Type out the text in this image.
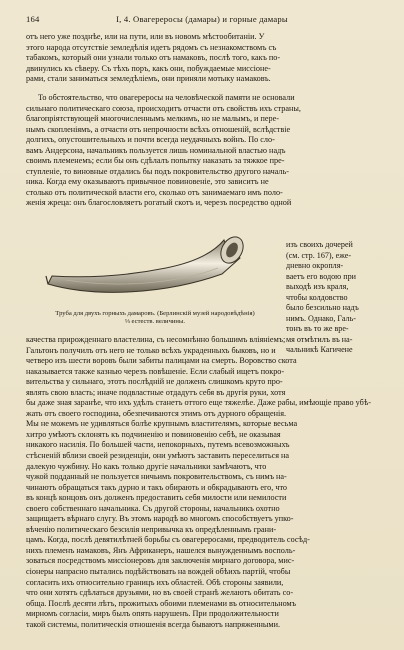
164	I, 4. Овагереросы (дамары) и горные дамары
отъ него уже позднѣе, или на пути, или въ новомъ мѣстообитаніи. У
этого народа отсутствіе земледѣлія идетъ рядомъ съ незнакомствомъ съ
табакомъ, который они узнали только отъ намаковъ, послѣ того, какъ по-
двинулись къ сѣверу. Съ тѣхъ поръ, какъ они, побуждаемые миссіоне-
рами, стали заниматься земледѣліемъ, они приняли мотыку намаковъ.
То обстоятельство, что овагереросы на человѣческой памяти не основали
сильнаго политическаго союза, происходитъ отчасти отъ свойствъ ихъ страны,
благопріятствующей многочисленнымъ мелкимъ, но не малымъ, и пере-
нымъ скопленіямъ, а отчасти отъ непрочности всѣхъ отношеній, вслѣдствіе
долгихъ, опустошительныхъ и почти всегда неудачныхъ войнъ. По сло-
вамъ Андерсона, начальникъ пользуется лишь номинальной властью надъ
своимъ племенемъ; если бы онъ сдѣлалъ попытку наказать за тяжкое пре-
ступленіе, то виновные отдались бы подъ покровительство другого началь-
ника. Когда ему оказываютъ привычное повиновеніе, это зависитъ не
столько отъ политической власти его, сколько отъ занимаемаго имъ поло-
женія жреца: онъ благословляетъ рогатый скотъ и, черезъ посредство одной
Труба для двухъ горныхъ дамаровъ. (Берлинскій музей народовѣдѣнія)
⅓ естеств. величины.
изъ своихъ дочерей
(см. стр. 167), еже-
дневно окропля-
ваетъ его водою при
выходѣ изъ краля,
чтобы колдовство
было безсильно надъ
нимъ. Однако, Галь-
тонъ въ то же вре-
мя отмѣтилъ въ на-
чальникѣ Кагичене
качества прирожденнаго властелина, съ несомнѣнно большимъ вліяніемъ;
Гальтонъ получилъ отъ него не только всѣхъ украденныхъ быковъ, но и
четверо изъ шести воровъ были забиты палицами на смерть. Воровство скота
наказывается также казнью черезъ повѣшеніе. Если слабый ищетъ покро-
вительства у сильнаго, этотъ послѣдній не долженъ слишкомъ круто про-
являть свою власть; иначе подвластные отдадутъ себя въ другія руки, хотя
бы даже зная заранѣе, что ихъ удѣлъ станетъ оттого еще тяжелѣе. Даже рабы, имѣющіе право убѣ-
жать отъ своего господина, обезпечиваются этимъ отъ дурного обращенія.
Мы не можемъ не удивляться болѣе крупнымъ властителямъ, которые весьма
хитро умѣютъ склонять къ подчиненію и повиновенію себѣ, не оказывая
никакого насилія. По большей части, непокорныхъ, путемъ всевозможныхъ
стѣсненій вблизи своей резиденціи, они умѣютъ заставить переселиться на
далекую чужбину. Но какъ только другіе начальники замѣчаютъ, что
чужой подданный не пользуется ничьимъ покровительствомъ, съ нимъ на-
чинаютъ обращаться такъ дурно и такъ обирають и обкрадываютъ его, что
въ концѣ концовъ онъ долженъ предоставить себя милости или немилости
своего собственнаго начальника. Съ другой стороны, начальникъ охотно
защищаетъ вѣрнаго слугу. Въ этомъ народѣ во многомъ способствуетъ упко-
вѣченію политическаго безсилія непривычка къ опредѣленнымъ грани-
цамъ. Когда, послѣ девятилѣтней борьбы съ овагереросами, предводитель сосѣд-
нихъ племенъ намаковъ, Янъ Африканеръ, нашелся вынужденнымъ восполь-
зоваться посредствомъ миссіонеровъ для заключенія мирнаго договора, мис-
сіонеры напрасно пытались подѣйствовать на вождей обѣихъ партій, чтобы
согласить ихъ относительно границъ ихъ областей. Обѣ стороны заявили,
что они хотятъ сдѣлаться друзьями, но въ своей странѣ желаютъ обитать со-
обща. Послѣ десяти лѣтъ, прожитыхъ обоими племенами въ относительномъ
мирномъ согласіи, миръ былъ опять нарушенъ. При продолжительности
такой системы, политическія отношенія всегда бываютъ напряженными.
